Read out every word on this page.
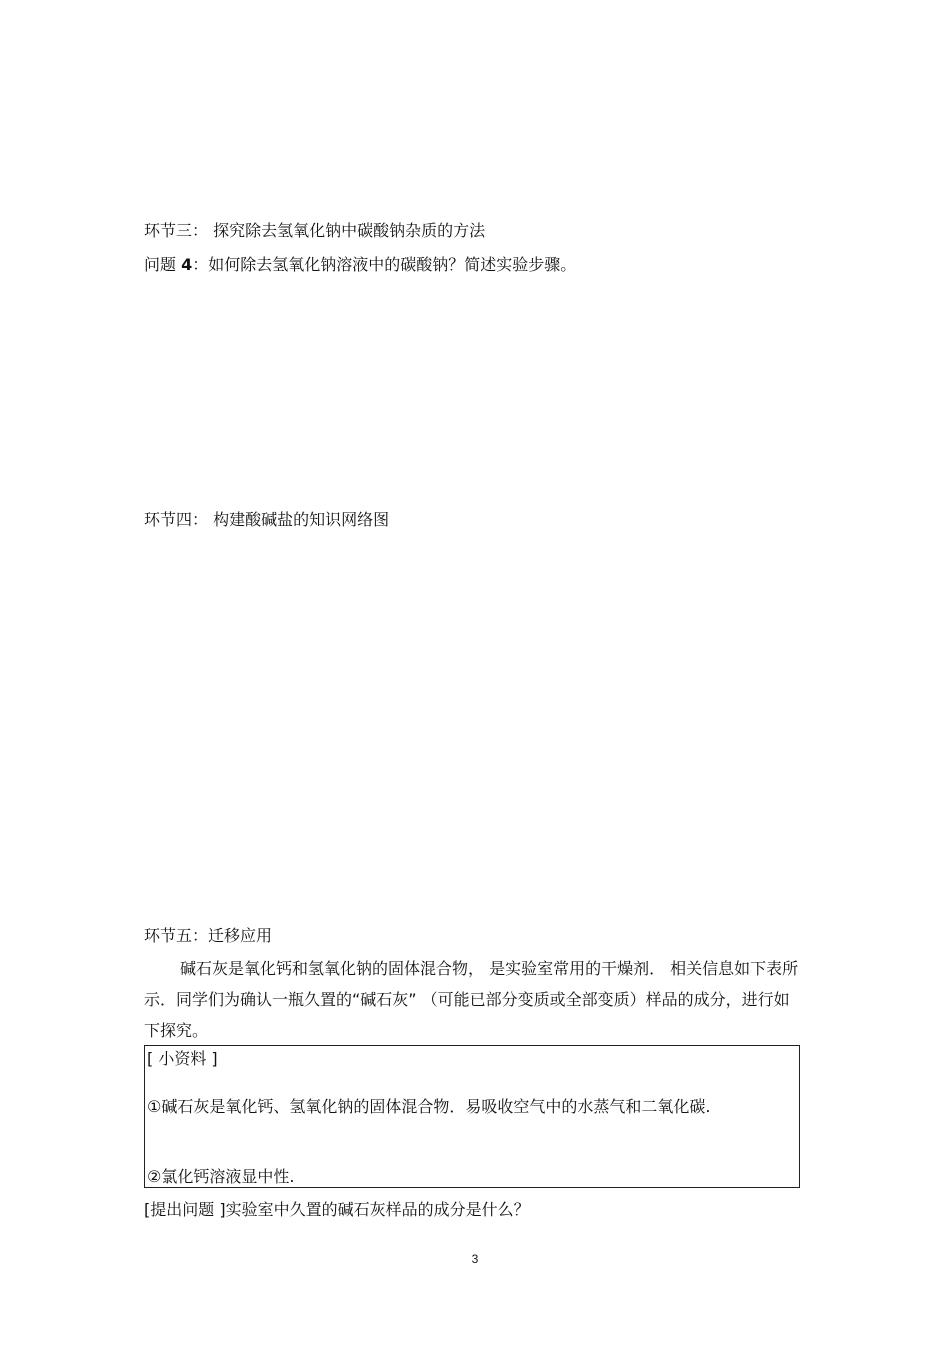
环节三： 探究除去氢氧化钠中碳酸钠杂质的方法
问题 4：如何除去氢氧化钠溶液中的碳酸钠？简述实验步骤。
环节四： 构建酸碱盐的知识网络图
环节五：迁移应用
碱石灰是氧化钙和氢氧化钠的固体混合物， 是实验室常用的干燥剂． 相关信息如下表所示．同学们为确认一瓶久置的“碱石灰” （可能已部分变质或全部变质）样品的成分，进行如下探究。
[ 小资料 ]
①碱石灰是氧化钙、氢氧化钠的固体混合物．易吸收空气中的水蒸气和二氧化碳.
②氯化钙溶液显中性.
[提出问题 ]实验室中久置的碱石灰样品的成分是什么？
3
